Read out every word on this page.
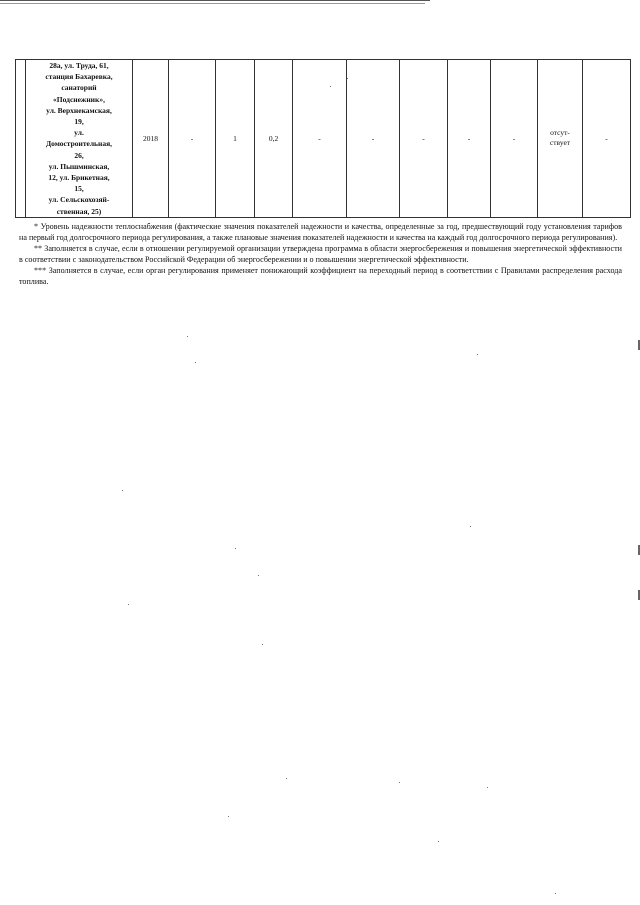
28а, ул. Труда, 61,
станция Бахаревка,
санаторий
«Подснежник»,
ул. Верхнекамская,
19,
ул.
Домостроительная,
26,
ул. Пышминская,
12, ул. Брикетная,
15,
ул. Сельскохозяй-
ственная, 25)
	2018	-	1	0,2	-	-	-	-	-	отсут-
ствует	-

* Уровень надежности теплоснабжения (фактические значения показателей надежности и качества, определенные за год, предшествующий году установления тарифов на первый год долгосрочного периода регулирования, а также плановые значения показателей надежности и качества на каждый год долгосрочного периода регулирования).

** Заполняется в случае, если в отношении регулируемой организации утверждена программа в области энергосбережения и повышения энергетической эффективности в соответствии с законодательством Российской Федерации об энергосбережении и о повышении энергетической эффективности.

*** Заполняется в случае, если орган регулирования применяет понижающий коэффициент на переходный период в соответствии с Правилами распределения расхода топлива.
